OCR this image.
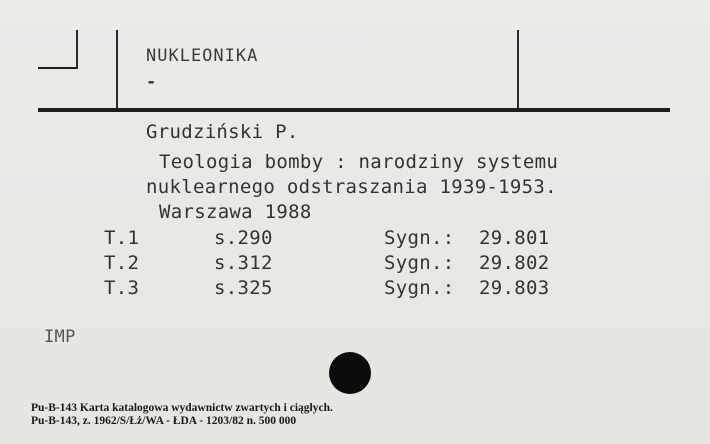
NUKLEONIKA
-
Grudziński P.
Teologia bomby : narodziny systemu
nuklearnego odstraszania 1939-1953.
Warszawa 1988
T.1	s.290	Sygn.: 29.801
T.2	s.312	Sygn.: 29.802
T.3	s.325	Sygn.: 29.803
IMP
Pu-B-143 Karta katalogowa wydawnictw zwartych i ciągłych.
Pu-B-143, z. 1962/S/Łż/WA - ŁDA - 1203/82 n. 500 000
